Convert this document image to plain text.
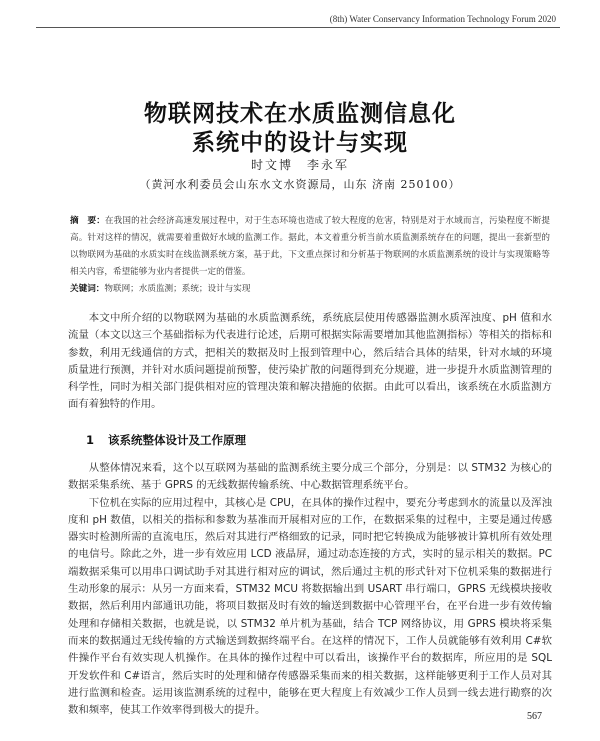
(8th) Water Conservancy Information Technology Forum 2020
物联网技术在水质监测信息化
系统中的设计与实现
时文博　李永军
（黄河水利委员会山东水文水资源局，山东 济南 250100）
摘　要：在我国的社会经济高速发展过程中，对于生态环境也造成了较大程度的危害，特别是对于水域而言，污染程度不断提高。针对这样的情况，就需要着重做好水域的监测工作。据此，本文着重分析当前水质监测系统存在的问题，提出一套新型的以物联网为基础的水质实时在线监测系统方案，基于此，下文重点探讨和分析基于物联网的水质监测系统的设计与实现策略等相关内容，希望能够为业内者提供一定的借鉴。
关键词：物联网；水质监测；系统；设计与实现

本文中所介绍的以物联网为基础的水质监测系统，系统底层使用传感器监测水质浑浊度、pH 值和水流量（本文以这三个基础指标为代表进行论述，后期可根据实际需要增加其他监测指标）等相关的指标和参数，利用无线通信的方式，把相关的数据及时上报到管理中心，然后结合具体的结果，针对水域的环境质量进行预测，并针对水质问题提前预警，使污染扩散的问题得到充分规避，进一步提升水质监测管理的科学性，同时为相关部门提供相对应的管理决策和解决措施的依据。由此可以看出，该系统在水质监测方面有着独特的作用。

1 该系统整体设计及工作原理

从整体情况来看，这个以互联网为基础的监测系统主要分成三个部分，分别是：以 STM32 为核心的数据采集系统、基于 GPRS 的无线数据传输系统、中心数据管理系统平台。

下位机在实际的应用过程中，其核心是 CPU，在具体的操作过程中，要充分考虑到水的流量以及浑浊度和 pH 数值，以相关的指标和参数为基准而开展相对应的工作，在数据采集的过程中，主要是通过传感器实时检测所需的直流电压，然后对其进行严格细致的记录，同时把它转换成为能够被计算机所有效处理的电信号。除此之外，进一步有效应用 LCD 液晶屏，通过动态连接的方式，实时的显示相关的数据。PC 端数据采集可以用串口调试助手对其进行相对应的调试，然后通过主机的形式针对下位机采集的数据进行生动形象的展示：从另一方面来看，STM32 MCU 将数据输出到 USART 串行端口，GPRS 无线模块接收数据，然后利用内部通讯功能，将项目数据及时有效的输送到数据中心管理平台，在平台进一步有效传输处理和存储相关数据，也就是说，以 STM32 单片机为基础，结合 TCP 网络协议，用 GPRS 模块将采集而来的数据通过无线传输的方式输送到数据终端平台。在这样的情况下，工作人员就能够有效利用 C#软件操作平台有效实现人机操作。在具体的操作过程中可以看出，该操作平台的数据库，所应用的是 SQL 开发软件和 C#语言，然后实时的处理和储存传感器采集而来的相关数据，这样能够更利于工作人员对其进行监测和检查。运用该监测系统的过程中，能够在更大程度上有效减少工作人员到一线去进行勘察的次数和频率，使其工作效率得到极大的提升。

567
